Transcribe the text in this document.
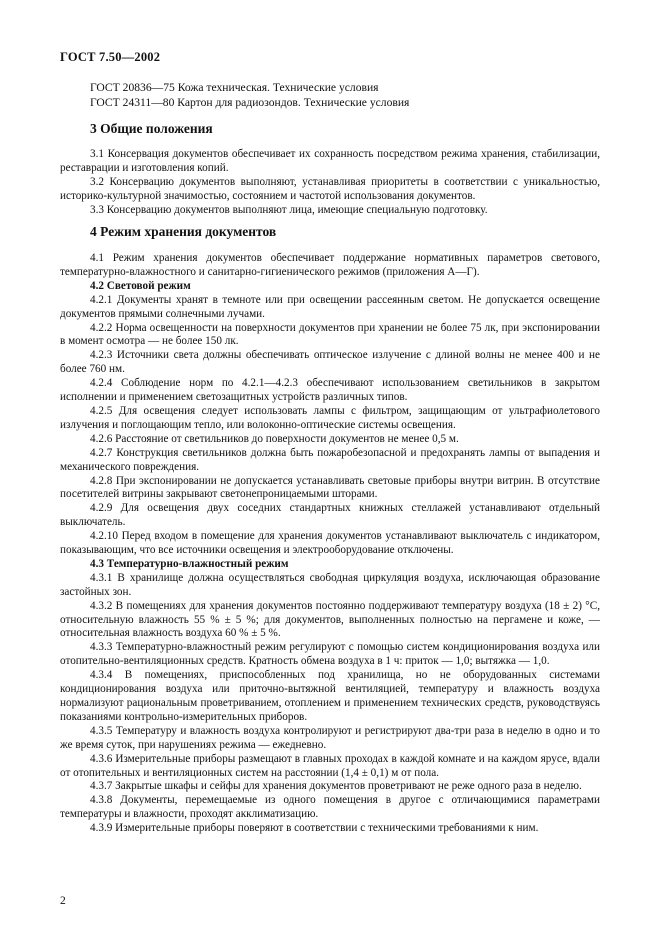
ГОСТ 7.50—2002
ГОСТ 20836—75 Кожа техническая. Технические условия
ГОСТ 24311—80 Картон для радиозондов. Технические условия
3 Общие положения

3.1 Консервация документов обеспечивает их сохранность посредством режима хранения, стабилизации, реставрации и изготовления копий.

3.2 Консервацию документов выполняют, устанавливая приоритеты в соответствии с уникальностью, историко-культурной значимостью, состоянием и частотой использования документов.

3.3 Консервацию документов выполняют лица, имеющие специальную подготовку.

4 Режим хранения документов

4.1 Режим хранения документов обеспечивает поддержание нормативных параметров светового, температурно-влажностного и санитарно-гигиенического режимов (приложения А—Г).

4.2 Световой режим

4.2.1 Документы хранят в темноте или при освещении рассеянным светом. Не допускается освещение документов прямыми солнечными лучами.

4.2.2 Норма освещенности на поверхности документов при хранении не более 75 лк, при экспонировании в момент осмотра — не более 150 лк.

4.2.3 Источники света должны обеспечивать оптическое излучение с длиной волны не менее 400 и не более 760 нм.

4.2.4 Соблюдение норм по 4.2.1—4.2.3 обеспечивают использованием светильников в закрытом исполнении и применением светозащитных устройств различных типов.

4.2.5 Для освещения следует использовать лампы с фильтром, защищающим от ультрафиолетового излучения и поглощающим тепло, или волоконно-оптические системы освещения.

4.2.6 Расстояние от светильников до поверхности документов не менее 0,5 м.

4.2.7 Конструкция светильников должна быть пожаробезопасной и предохранять лампы от выпадения и механического повреждения.

4.2.8 При экспонировании не допускается устанавливать световые приборы внутри витрин. В отсутствие посетителей витрины закрывают светонепроницаемыми шторами.

4.2.9 Для освещения двух соседних стандартных книжных стеллажей устанавливают отдельный выключатель.

4.2.10 Перед входом в помещение для хранения документов устанавливают выключатель с индикатором, показывающим, что все источники освещения и электрооборудование отключены.

4.3 Температурно-влажностный режим

4.3.1 В хранилище должна осуществляться свободная циркуляция воздуха, исключающая образование застойных зон.

4.3.2 В помещениях для хранения документов постоянно поддерживают температуру воздуха (18 ± 2) °С, относительную влажность 55 % ± 5 %; для документов, выполненных полностью на пергамене и коже, — относительная влажность воздуха 60 % ± 5 %.

4.3.3 Температурно-влажностный режим регулируют с помощью систем кондиционирования воздуха или отопительно-вентиляционных средств. Кратность обмена воздуха в 1 ч: приток — 1,0; вытяжка — 1,0.

4.3.4 В помещениях, приспособленных под хранилища, но не оборудованных системами кондиционирования воздуха или приточно-вытяжной вентиляцией, температуру и влажность воздуха нормализуют рациональным проветриванием, отоплением и применением технических средств, руководствуясь показаниями контрольно-измерительных приборов.

4.3.5 Температуру и влажность воздуха контролируют и регистрируют два-три раза в неделю в одно и то же время суток, при нарушениях режима — ежедневно.

4.3.6 Измерительные приборы размещают в главных проходах в каждой комнате и на каждом ярусе, вдали от отопительных и вентиляционных систем на расстоянии (1,4 ± 0,1) м от пола.

4.3.7 Закрытые шкафы и сейфы для хранения документов проветривают не реже одного раза в неделю.

4.3.8 Документы, перемещаемые из одного помещения в другое с отличающимися параметрами температуры и влажности, проходят акклиматизацию.

4.3.9 Измерительные приборы поверяют в соответствии с техническими требованиями к ним.

2
